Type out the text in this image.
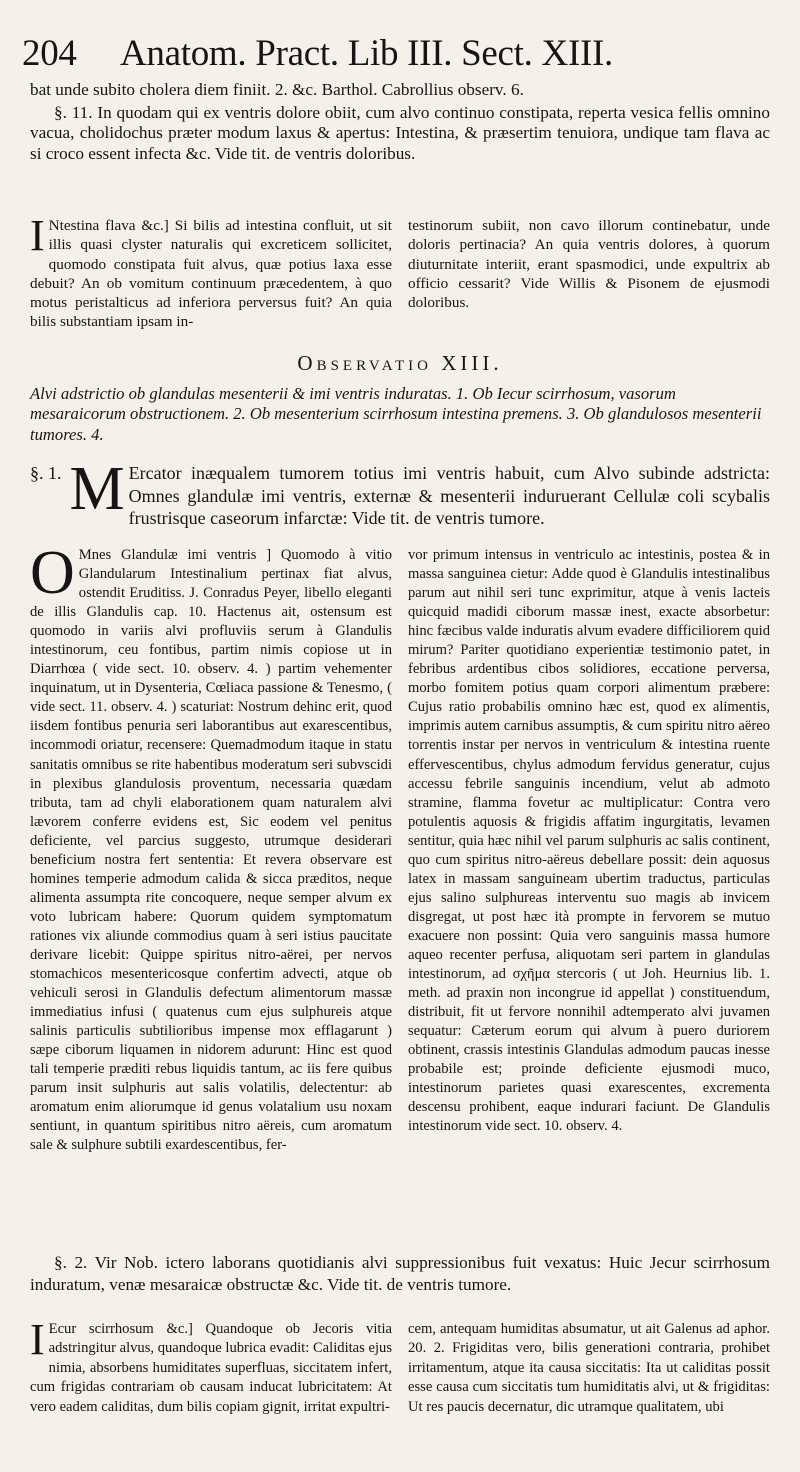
204 Anatom. Pract. Lib III. Sect. XIII.
bat unde subito cholera diem finiit. 2. &c. Barthol. Cabrollius observ. 6.
§. 11. In quodam qui ex ventris dolore obiit, cum alvo continuo constipata, reperta vesica fellis omnino vacua, cholidochus præter modum laxus & apertus: Intestina, & præsertim tenuiora, undique tam flava ac si croco essent infecta &c. Vide tit. de ventris doloribus.
I Ntestina flava &c.] Si bilis ad intestina confluit, ut sit illis quasi clyster naturalis qui excreticem sollicitet, quomodo constipata fuit alvus, quæ potius laxa esse debuit? An ob vomitum continuum præcedentem, à quo motus peristalticus ad inferiora perversus fuit? An quia bilis substantiam ipsam in-
testinorum subiit, non cavo illorum continebatur, unde doloris pertinacia? An quia ventris dolores, à quorum diuturnitate interiit, erant spasmodici, unde expultrix ab officio cessarit? Vide Willis & Pisonem de ejusmodi doloribus.
Observatio XIII.
Alvi adstrictio ob glandulas mesenterii & imi ventris induratas. 1. Ob Iecur scirrhosum, vasorum mesaraicorum obstructionem. 2. Ob mesenterium scirrhosum intestina premens. 3. Ob glandulosos mesenterii tumores. 4.
§. 1. M Ercator inæqualem tumorem totius imi ventris habuit, cum Alvo subinde adstricta: Omnes glandulæ imi ventris, externæ & mesenterii induruerant Cellulæ coli scybalis frustrisque caseorum infarctæ: Vide tit. de ventris tumore.
O Mnes Glandulæ imi ventris ] Quomodo à vitio Glandularum Intestinalium pertinax fiat alvus, ostendit Eruditiss. J. Conradus Peyer, libello eleganti de illis Glandulis cap. 10. Hactenus ait, ostensum est quomodo in variis alvi profluviis serum à Glandulis intestinorum, ceu fontibus, partim nimis copiose ut in Diarrhœa ( vide sect. 10. observ. 4. ) partim vehementer inquinatum, ut in Dysenteria, Cœliaca passione & Tenesmo, ( vide sect. 11. observ. 4. ) scaturiat: Nostrum dehinc erit, quod iisdem fontibus penuria seri laborantibus aut exarescentibus, incommodi oriatur, recensere: Quemadmodum itaque in statu sanitatis omnibus se rite habentibus moderatum seri subvscidi in plexibus glandulosis proventum, necessaria quædam tributa, tam ad chyli elaborationem quam naturalem alvi lævorem conferre evidens est, Sic eodem vel penitus deficiente, vel parcius suggesto, utrumque desiderari beneficium nostra fert sententia: Et revera observare est homines temperie admodum calida & sicca præditos, neque alimenta assumpta rite concoquere, neque semper alvum ex voto lubricam habere: Quorum quidem symptomatum rationes vix aliunde commodius quam à seri istius paucitate derivare licebit: Quippe spiritus nitro-aërei, per nervos stomachicos mesentericosque confertim advecti, atque ob vehiculi serosi in Glandulis defectum alimentorum massæ immediatius infusi ( quatenus cum ejus sulphureis atque salinis particulis subtilioribus impense mox efflagarunt ) sæpe ciborum liquamen in nidorem adurunt: Hinc est quod tali temperie præditi rebus liquidis tantum, ac iis fere quibus parum insit sulphuris aut salis volatilis, delectentur: ab aromatum enim aliorumque id genus volatalium usu noxam sentiunt, in quantum spiritibus nitro aëreis, cum aromatum sale & sulphure subtili exardescentibus, fer-
vor primum intensus in ventriculo ac intestinis, postea & in massa sanguinea cietur: Adde quod è Glandulis intestinalibus parum aut nihil seri tunc exprimitur, atque à venis lacteis quicquid madidi ciborum massæ inest, exacte absorbetur: hinc fæcibus valde induratis alvum evadere difficiliorem quid mirum? Pariter quotidiano experientiæ testimonio patet, in febribus ardentibus cibos solidiores, eccatione perversa, morbo fomitem potius quam corpori alimentum præbere: Cujus ratio probabilis omnino hæc est, quod ex alimentis, imprimis autem carnibus assumptis, & cum spiritu nitro aëreo torrentis instar per nervos in ventriculum & intestina ruente effervescentibus, chylus admodum fervidus generatur, cujus accessu febrile sanguinis incendium, velut ab admoto stramine, flamma fovetur ac multiplicatur: Contra vero potulentis aquosis & frigidis affatim ingurgitatis, levamen sentitur, quia hæc nihil vel parum sulphuris ac salis continent, quo cum spiritus nitro-aëreus debellare possit: dein aquosus latex in massam sanguineam ubertim traductus, particulas ejus salino sulphureas interventu suo magis ab invicem disgregat, ut post hæc ità prompte in fervorem se mutuo exacuere non possint: Quia vero sanguinis massa humore aqueo recenter perfusa, aliquotam seri partem in glandulas intestinorum, ad σχῆμα stercoris ( ut Joh. Heurnius lib. 1. meth. ad praxin non incongrue id appellat ) constituendum, distribuit, fit ut fervore nonnihil adtemperato alvi juvamen sequatur: Cæterum eorum qui alvum à puero duriorem obtinent, crassis intestinis Glandulas admodum paucas inesse probabile est; proinde deficiente ejusmodi muco, intestinorum parietes quasi exarescentes, excrementa descensu prohibent, eaque indurari faciunt. De Glandulis intestinorum vide sect. 10. observ. 4.
§. 2. Vir Nob. ictero laborans quotidianis alvi suppressionibus fuit vexatus: Huic Jecur scirrhosum induratum, venæ mesaraicæ obstructæ &c. Vide tit. de ventris tumore.
I Ecur scirrhosum &c.] Quandoque ob Jecoris vitia adstringitur alvus, quandoque lubrica evadit: Caliditas ejus nimia, absorbens humiditates superfluas, siccitatem infert, cum frigidas contrariam ob causam inducat lubricitatem: At vero eadem caliditas, dum bilis copiam gignit, irritat expultri-
cem, antequam humiditas absumatur, ut ait Galenus ad aphor. 20. 2. Frigiditas vero, bilis generationi contraria, prohibet irritamentum, atque ita causa siccitatis: Ita ut caliditas possit esse causa cum siccitatis tum humiditatis alvi, ut & frigiditas: Ut res paucis decernatur, dic utramque qualitatem, ubi
